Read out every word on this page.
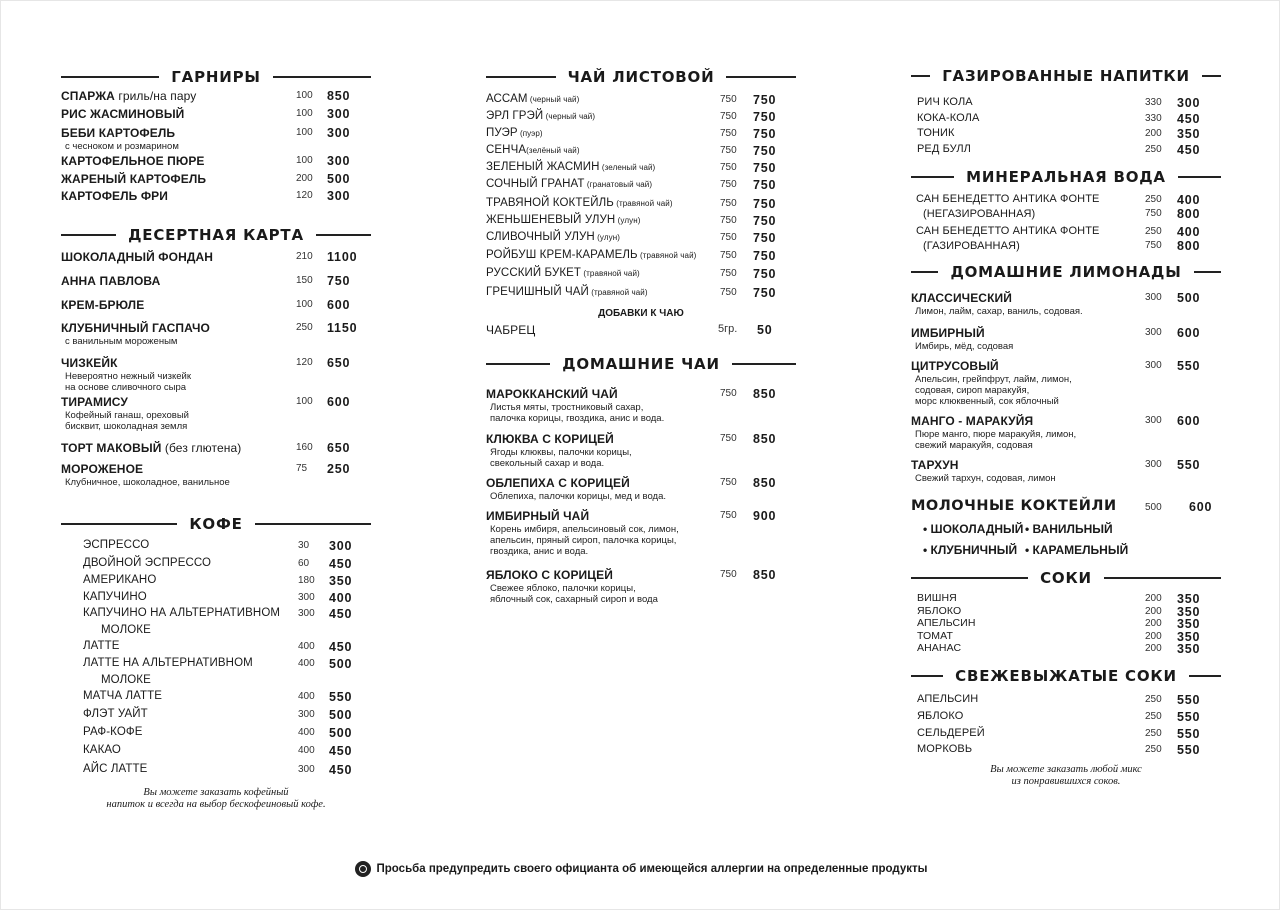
ГАРНИРЫ
СПАРЖА гриль/на пару	100 850
РИС ЖАСМИНОВЫЙ	100 300
БЕБИ КАРТОФЕЛЬ
с чесноком и розмарином
100 300
КАРТОФЕЛЬНОЕ ПЮРЕ	100 300
ЖАРЕНЫЙ КАРТОФЕЛЬ	200 500
КАРТОФЕЛЬ ФРИ	120 300
ДЕСЕРТНАЯ КАРТА
ШОКОЛАДНЫЙ ФОНДАН	210 1100
АННА ПАВЛОВА	150 750
КРЕМ-БРЮЛЕ	100 600
КЛУБНИЧНЫЙ ГАСПАЧО
с ванильным мороженым
250 1150
ЧИЗКЕЙК
Невероятно нежный чизкейк
на основе сливочного сыра
120 650
ТИРАМИСУ
Кофейный ганаш, ореховый
бисквит, шоколадная земля
100 600
ТОРТ МАКОВЫЙ (без глютена)	160 650
МОРОЖЕНОЕ
Клубничное, шоколадное, ванильное
75 250
КОФЕ
ЭСПРЕССО	30 300
ДВОЙНОЙ ЭСПРЕССО	60 450
АМЕРИКАНО	180 350
КАПУЧИНО	300 400
КАПУЧИНО НА АЛЬТЕРНАТИВНОМ
МОЛОКЕ
300 450
ЛАТТЕ	400 450
ЛАТТЕ НА АЛЬТЕРНАТИВНОМ
МОЛОКЕ
400 500
МАТЧА ЛАТТЕ	400 550
ФЛЭТ УАЙТ	300 500
РАФ-КОФЕ	400 500
КАКАО	400 450
АЙС ЛАТТЕ	300 450
Вы можете заказать кофейный
напиток и всегда на выбор бескофеиновый кофе.
ЧАЙ ЛИСТОВОЙ
АССАМ (черный чай)	750 750
ЭРЛ ГРЭЙ (черный чай)	750 750
ПУЭР (пуэр)	750 750
СЕНЧА(зелёный чай)	750 750
ЗЕЛЕНЫЙ ЖАСМИН (зеленый чай)	750 750
СОЧНЫЙ ГРАНАТ (гранатовый чай)	750 750
ТРАВЯНОЙ КОКТЕЙЛЬ (травяной чай)	750 750
ЖЕНЬШЕНЕВЫЙ УЛУН (улун)	750 750
СЛИВОЧНЫЙ УЛУН (улун)	750 750
РОЙБУШ КРЕМ-КАРАМЕЛЬ (травяной чай) 750 750
РУССКИЙ БУКЕТ (травяной чай)	750 750
ГРЕЧИШНЫЙ ЧАЙ (травяной чай)	750 750
ДОБАВКИ К ЧАЮ
ЧАБРЕЦ	5гр. 50
ДОМАШНИЕ ЧАИ
МАРОККАНСКИЙ ЧАЙ
Листья мяты, тростниковый сахар,
палочка корицы, гвоздика, анис и вода.
750 850
КЛЮКВА С КОРИЦЕЙ
Ягоды клюквы, палочки корицы,
свекольный сахар и вода.
750 850
ОБЛЕПИХА С КОРИЦЕЙ
Облепиха, палочки корицы, мед и вода.
750 850
ИМБИРНЫЙ ЧАЙ
Корень имбиря, апельсиновый сок, лимон,
апельсин, пряный сироп, палочка корицы,
гвоздика, анис и вода.
750 900
ЯБЛОКО С КОРИЦЕЙ
Свежее яблоко, палочки корицы,
яблочный сок, сахарный сироп и вода
750 850
ГАЗИРОВАННЫЕ НАПИТКИ
РИЧ КОЛА	330 300
КОКА-КОЛА	330 450
ТОНИК	200 350
РЕД БУЛЛ	250 450
МИНЕРАЛЬНАЯ ВОДА
САН БЕНЕДЕТТО АНТИКА ФОНТЕ
(НЕГАЗИРОВАННАЯ)
250 400
750 800
САН БЕНЕДЕТТО АНТИКА ФОНТЕ
(ГАЗИРОВАННАЯ)
250 400
750 800
ДОМАШНИЕ ЛИМОНАДЫ
КЛАССИЧЕСКИЙ
Лимон, лайм, сахар, ваниль, содовая.
300 500
ИМБИРНЫЙ
Имбирь, мёд, содовая
300 600
ЦИТРУСОВЫЙ
Апельсин, грейпфрут, лайм, лимон,
содовая, сироп маракуйя,
морс клюквенный, сок яблочный
300 550
МАНГО - МАРАКУЙЯ
Пюре манго, пюре маракуйя, лимон,
свежий маракуйя, содовая
300 600
ТАРХУН
Свежий тархун, содовая, лимон
300 550
МОЛОЧНЫЕ КОКТЕЙЛИ	500 600
• ШОКОЛАДНЫЙ • ВАНИЛЬНЫЙ
• КЛУБНИЧНЫЙ • КАРАМЕЛЬНЫЙ
СОКИ
ВИШНЯ	200 350
ЯБЛОКО	200 350
АПЕЛЬСИН	200 350
ТОМАТ	200 350
АНАНАС	200 350
СВЕЖЕВЫЖАТЫЕ СОКИ
АПЕЛЬСИН	250 550
ЯБЛОКО	250 550
СЕЛЬДЕРЕЙ	250 550
МОРКОВЬ	250 550
Вы можете заказать любой микс
из понравившихся соков.
Просьба предупредить своего официанта об имеющейся аллергии на определенные продукты
